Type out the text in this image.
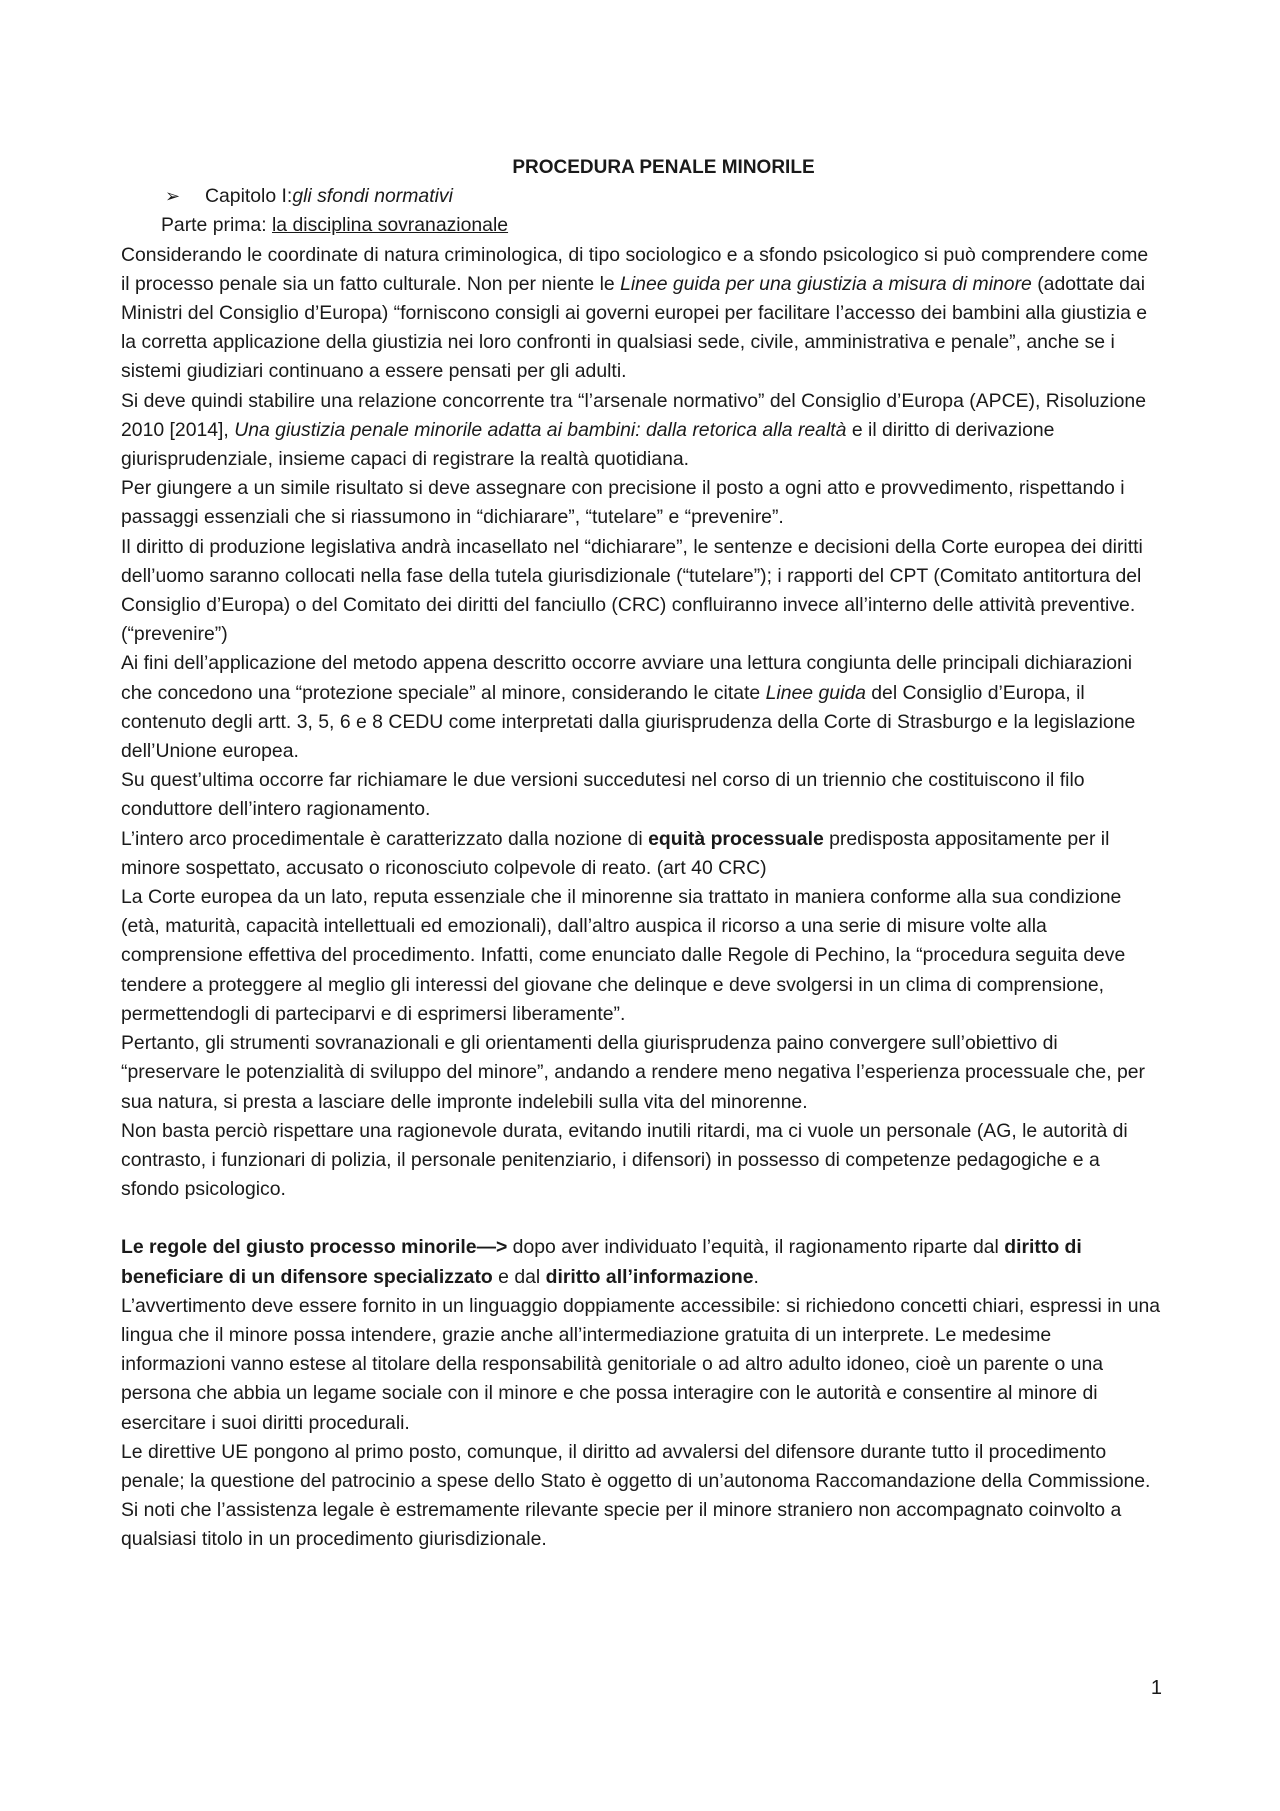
PROCEDURA PENALE MINORILE

➢	Capitolo I: gli sfondi normativi

Parte prima: la disciplina sovranazionale

Considerando le coordinate di natura criminologica, di tipo sociologico e a sfondo psicologico si può comprendere come il processo penale sia un fatto culturale. Non per niente le Linee guida per una giustizia a misura di minore (adottate dai Ministri del Consiglio d’Europa) “forniscono consigli ai governi europei per facilitare l’accesso dei bambini alla giustizia e la corretta applicazione della giustizia nei loro confronti in qualsiasi sede, civile, amministrativa e penale”, anche se i sistemi giudiziari continuano a essere pensati per gli adulti.

Si deve quindi stabilire una relazione concorrente tra “l’arsenale normativo” del Consiglio d’Europa (APCE), Risoluzione 2010 [2014], Una giustizia penale minorile adatta ai bambini: dalla retorica alla realtà e il diritto di derivazione giurisprudenziale, insieme capaci di registrare la realtà quotidiana.

Per giungere a un simile risultato si deve assegnare con precisione il posto a ogni atto e provvedimento, rispettando i passaggi essenziali che si riassumono in “dichiarare”, “tutelare” e “prevenire”.

Il diritto di produzione legislativa andrà incasellato nel “dichiarare”, le sentenze e decisioni della Corte europea dei diritti dell’uomo saranno collocati nella fase della tutela giurisdizionale (“tutelare”); i rapporti del CPT (Comitato antitortura del Consiglio d’Europa) o del Comitato dei diritti del fanciullo (CRC) confluiranno invece all’interno delle attività preventive. (“prevenire”)

Ai fini dell’applicazione del metodo appena descritto occorre avviare una lettura congiunta delle principali dichiarazioni che concedono una “protezione speciale” al minore, considerando le citate Linee guida del Consiglio d’Europa, il contenuto degli artt. 3, 5, 6 e 8 CEDU come interpretati dalla giurisprudenza della Corte di Strasburgo e la legislazione dell’Unione europea.

Su quest’ultima occorre far richiamare le due versioni succedutesi nel corso di un triennio che costituiscono il filo conduttore dell’intero ragionamento.

L’intero arco procedimentale è caratterizzato dalla nozione di equità processuale predisposta appositamente per il minore sospettato, accusato o riconosciuto colpevole di reato. (art 40 CRC)

La Corte europea da un lato, reputa essenziale che il minorenne sia trattato in maniera conforme alla sua condizione (età, maturità, capacità intellettuali ed emozionali), dall’altro auspica il ricorso a una serie di misure volte alla comprensione effettiva del procedimento. Infatti, come enunciato dalle Regole di Pechino, la “procedura seguita deve tendere a proteggere al meglio gli interessi del giovane che delinque e deve svolgersi in un clima di comprensione, permettendogli di parteciparvi e di esprimersi liberamente”.

Pertanto, gli strumenti sovranazionali e gli orientamenti della giurisprudenza paino convergere sull’obiettivo di “preservare le potenzialità di sviluppo del minore”, andando a rendere meno negativa l’esperienza processuale che, per sua natura, si presta a lasciare delle impronte indelebili sulla vita del minorenne.

Non basta perciò rispettare una ragionevole durata, evitando inutili ritardi, ma ci vuole un personale (AG, le autorità di contrasto, i funzionari di polizia, il personale penitenziario, i difensori) in possesso di competenze pedagogiche e a sfondo psicologico.

Le regole del giusto processo minorile—> dopo aver individuato l’equità, il ragionamento riparte dal diritto di beneficiare di un difensore specializzato e dal diritto all’informazione.

L’avvertimento deve essere fornito in un linguaggio doppiamente accessibile: si richiedono concetti chiari, espressi in una lingua che il minore possa intendere, grazie anche all’intermediazione gratuita di un interprete. Le medesime informazioni vanno estese al titolare della responsabilità genitoriale o ad altro adulto idoneo, cioè un parente o una persona che abbia un legame sociale con il minore e che possa interagire con le autorità e consentire al minore di esercitare i suoi diritti procedurali.

Le direttive UE pongono al primo posto, comunque, il diritto ad avvalersi del difensore durante tutto il procedimento penale; la questione del patrocinio a spese dello Stato è oggetto di un’autonoma Raccomandazione della Commissione.

Si noti che l’assistenza legale è estremamente rilevante specie per il minore straniero non accompagnato coinvolto a qualsiasi titolo in un procedimento giurisdizionale.

1
